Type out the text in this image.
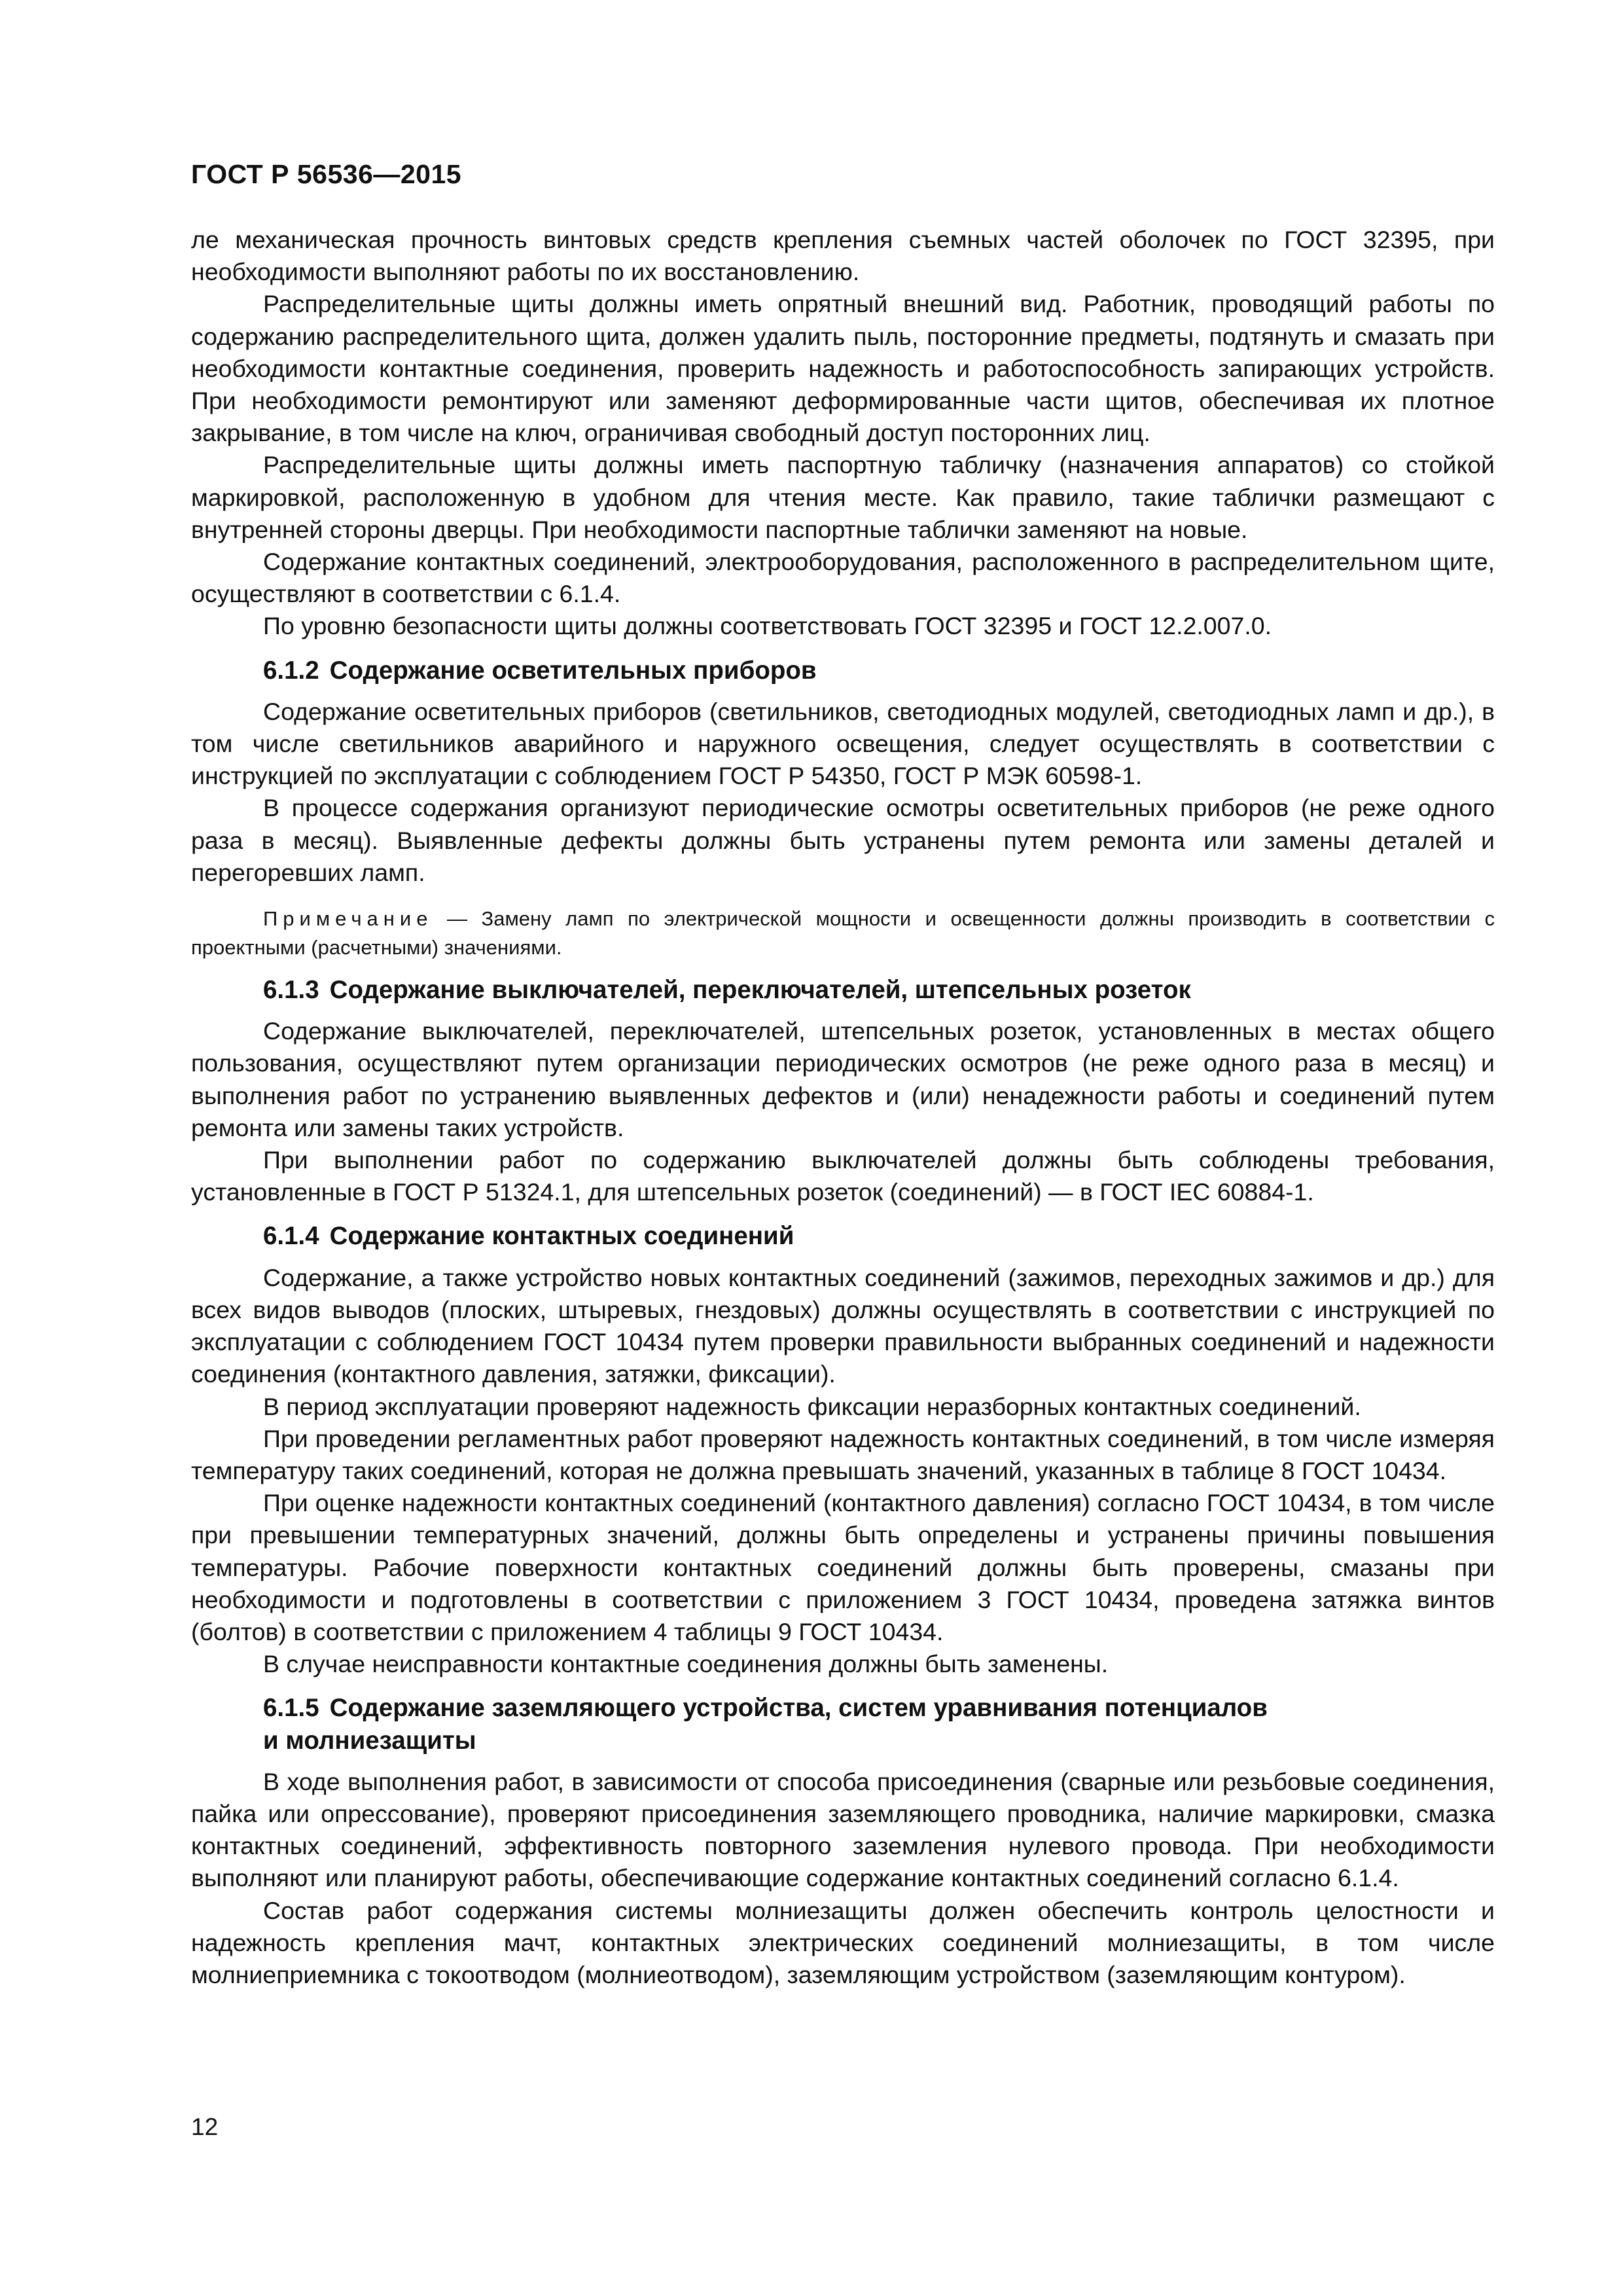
ГОСТ Р 56536—2015

ле механическая прочность винтовых средств крепления съемных частей оболочек по ГОСТ 32395, при необходимости выполняют работы по их восстановлению.

Распределительные щиты должны иметь опрятный внешний вид. Работник, проводящий работы по содержанию распределительного щита, должен удалить пыль, посторонние предметы, подтянуть и смазать при необходимости контактные соединения, проверить надежность и работоспособность запирающих устройств. При необходимости ремонтируют или заменяют деформированные части щитов, обеспечивая их плотное закрывание, в том числе на ключ, ограничивая свободный доступ посторонних лиц.

Распределительные щиты должны иметь паспортную табличку (назначения аппаратов) со стойкой маркировкой, расположенную в удобном для чтения месте. Как правило, такие таблички размещают с внутренней стороны дверцы. При необходимости паспортные таблички заменяют на новые.

Содержание контактных соединений, электрооборудования, расположенного в распределительном щите, осуществляют в соответствии с 6.1.4.

По уровню безопасности щиты должны соответствовать ГОСТ 32395 и ГОСТ 12.2.007.0.

6.1.2 Содержание осветительных приборов

Содержание осветительных приборов (светильников, светодиодных модулей, светодиодных ламп и др.), в том числе светильников аварийного и наружного освещения, следует осуществлять в соответствии с инструкцией по эксплуатации с соблюдением ГОСТ Р 54350, ГОСТ Р МЭК 60598-1.

В процессе содержания организуют периодические осмотры осветительных приборов (не реже одного раза в месяц). Выявленные дефекты должны быть устранены путем ремонта или замены деталей и перегоревших ламп.

Примечание — Замену ламп по электрической мощности и освещенности должны производить в соответствии с проектными (расчетными) значениями.

6.1.3 Содержание выключателей, переключателей, штепсельных розеток

Содержание выключателей, переключателей, штепсельных розеток, установленных в местах общего пользования, осуществляют путем организации периодических осмотров (не реже одного раза в месяц) и выполнения работ по устранению выявленных дефектов и (или) ненадежности работы и соединений путем ремонта или замены таких устройств.

При выполнении работ по содержанию выключателей должны быть соблюдены требования, установленные в ГОСТ Р 51324.1, для штепсельных розеток (соединений) — в ГОСТ IEC 60884-1.

6.1.4 Содержание контактных соединений

Содержание, а также устройство новых контактных соединений (зажимов, переходных зажимов и др.) для всех видов выводов (плоских, штыревых, гнездовых) должны осуществлять в соответствии с инструкцией по эксплуатации с соблюдением ГОСТ 10434 путем проверки правильности выбранных соединений и надежности соединения (контактного давления, затяжки, фиксации).

В период эксплуатации проверяют надежность фиксации неразборных контактных соединений.

При проведении регламентных работ проверяют надежность контактных соединений, в том числе измеряя температуру таких соединений, которая не должна превышать значений, указанных в таблице 8 ГОСТ 10434.

При оценке надежности контактных соединений (контактного давления) согласно ГОСТ 10434, в том числе при превышении температурных значений, должны быть определены и устранены причины повышения температуры. Рабочие поверхности контактных соединений должны быть проверены, смазаны при необходимости и подготовлены в соответствии с приложением 3 ГОСТ 10434, проведена затяжка винтов (болтов) в соответствии с приложением 4 таблицы 9 ГОСТ 10434.

В случае неисправности контактные соединения должны быть заменены.

6.1.5 Содержание заземляющего устройства, систем уравнивания потенциалов
и молниезащиты

В ходе выполнения работ, в зависимости от способа присоединения (сварные или резьбовые соединения, пайка или опрессование), проверяют присоединения заземляющего проводника, наличие маркировки, смазка контактных соединений, эффективность повторного заземления нулевого провода. При необходимости выполняют или планируют работы, обеспечивающие содержание контактных соединений согласно 6.1.4.

Состав работ содержания системы молниезащиты должен обеспечить контроль целостности и надежность крепления мачт, контактных электрических соединений молниезащиты, в том числе молниеприемника с токоотводом (молниеотводом), заземляющим устройством (заземляющим контуром).

12
